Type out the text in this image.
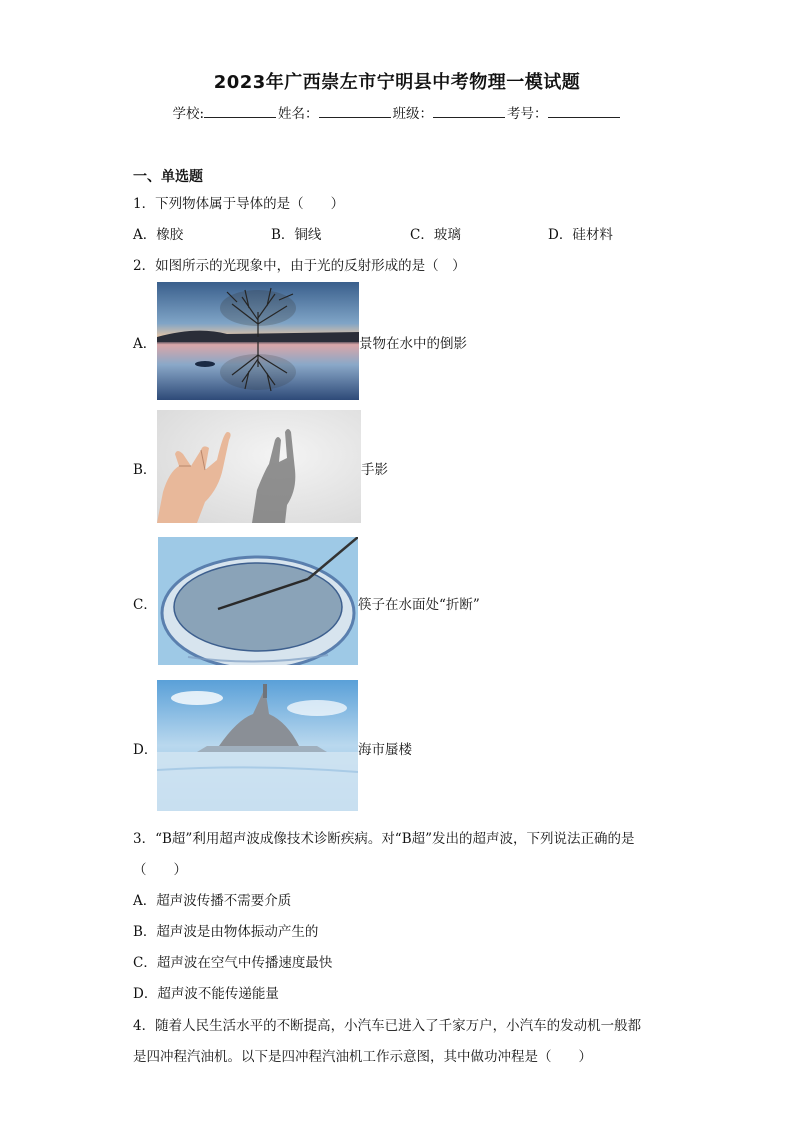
2023年广西崇左市宁明县中考物理一模试题
学校:	姓名：	班级：	考号：
一、单选题
1．下列物体属于导体的是（　　）
A．橡胶	B．铜线	C．玻璃	D．硅材料
2．如图所示的光现象中，由于光的反射形成的是（　）
A．	景物在水中的倒影
B．	手影
C．	筷子在水面处“折断”
D．	海市蜃楼
3．“B超”利用超声波成像技术诊断疾病。对“B超”发出的超声波，下列说法正确的是
（　　）
A．超声波传播不需要介质
B．超声波是由物体振动产生的
C．超声波在空气中传播速度最快
D．超声波不能传递能量
4．随着人民生活水平的不断提高，小汽车已进入了千家万户，小汽车的发动机一般都
是四冲程汽油机。以下是四冲程汽油机工作示意图，其中做功冲程是（　　）
